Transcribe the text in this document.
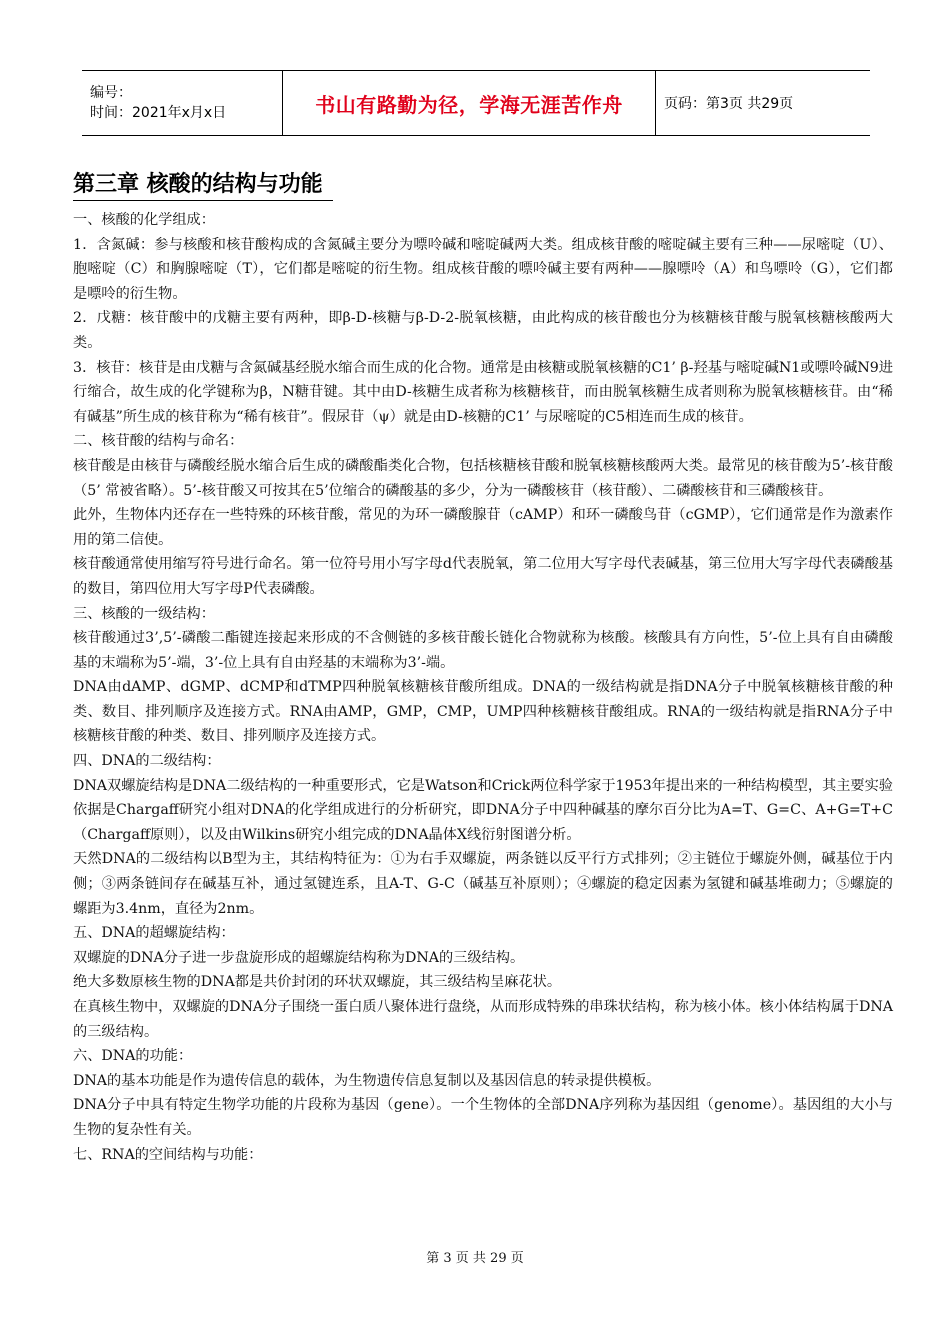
编号：
时间：2021年x月x日	书山有路勤为径，学海无涯苦作舟	页码：第3页 共29页
第三章 核酸的结构与功能

一、核酸的化学组成：

1．含氮碱：参与核酸和核苷酸构成的含氮碱主要分为嘌呤碱和嘧啶碱两大类。组成核苷酸的嘧啶碱主要有三种——尿嘧啶（U）、胞嘧啶（C）和胸腺嘧啶（T），它们都是嘧啶的衍生物。组成核苷酸的嘌呤碱主要有两种——腺嘌呤（A）和鸟嘌呤（G），它们都是嘌呤的衍生物。

2．戊糖：核苷酸中的戊糖主要有两种，即β-D-核糖与β-D-2-脱氧核糖，由此构成的核苷酸也分为核糖核苷酸与脱氧核糖核酸两大类。

3．核苷：核苷是由戊糖与含氮碱基经脱水缩合而生成的化合物。通常是由核糖或脱氧核糖的C1’ β-羟基与嘧啶碱N1或嘌呤碱N9进行缩合，故生成的化学键称为β，N糖苷键。其中由D-核糖生成者称为核糖核苷，而由脱氧核糖生成者则称为脱氧核糖核苷。由“稀有碱基”所生成的核苷称为“稀有核苷”。假尿苷（ψ）就是由D-核糖的C1’ 与尿嘧啶的C5相连而生成的核苷。

二、核苷酸的结构与命名：

核苷酸是由核苷与磷酸经脱水缩合后生成的磷酸酯类化合物，包括核糖核苷酸和脱氧核糖核酸两大类。最常见的核苷酸为5’-核苷酸（5’ 常被省略）。5’-核苷酸又可按其在5’位缩合的磷酸基的多少，分为一磷酸核苷（核苷酸）、二磷酸核苷和三磷酸核苷。

此外，生物体内还存在一些特殊的环核苷酸，常见的为环一磷酸腺苷（cAMP）和环一磷酸鸟苷（cGMP），它们通常是作为激素作用的第二信使。

核苷酸通常使用缩写符号进行命名。第一位符号用小写字母d代表脱氧，第二位用大写字母代表碱基，第三位用大写字母代表磷酸基的数目，第四位用大写字母P代表磷酸。

三、核酸的一级结构：

核苷酸通过3’,5’-磷酸二酯键连接起来形成的不含侧链的多核苷酸长链化合物就称为核酸。核酸具有方向性，5’-位上具有自由磷酸基的末端称为5’-端，3’-位上具有自由羟基的末端称为3’-端。

DNA由dAMP、dGMP、dCMP和dTMP四种脱氧核糖核苷酸所组成。DNA的一级结构就是指DNA分子中脱氧核糖核苷酸的种类、数目、排列顺序及连接方式。RNA由AMP，GMP，CMP，UMP四种核糖核苷酸组成。RNA的一级结构就是指RNA分子中核糖核苷酸的种类、数目、排列顺序及连接方式。

四、DNA的二级结构：

DNA双螺旋结构是DNA二级结构的一种重要形式，它是Watson和Crick两位科学家于1953年提出来的一种结构模型，其主要实验依据是Chargaff研究小组对DNA的化学组成进行的分析研究，即DNA分子中四种碱基的摩尔百分比为A=T、G=C、A+G=T+C（Chargaff原则），以及由Wilkins研究小组完成的DNA晶体X线衍射图谱分析。

天然DNA的二级结构以B型为主，其结构特征为：①为右手双螺旋，两条链以反平行方式排列；②主链位于螺旋外侧，碱基位于内侧；③两条链间存在碱基互补，通过氢键连系，且A-T、G-C（碱基互补原则）；④螺旋的稳定因素为氢键和碱基堆砌力；⑤螺旋的螺距为3.4nm，直径为2nm。

五、DNA的超螺旋结构：

双螺旋的DNA分子进一步盘旋形成的超螺旋结构称为DNA的三级结构。

绝大多数原核生物的DNA都是共价封闭的环状双螺旋，其三级结构呈麻花状。

在真核生物中，双螺旋的DNA分子围绕一蛋白质八聚体进行盘绕，从而形成特殊的串珠状结构，称为核小体。核小体结构属于DNA的三级结构。

六、DNA的功能：

DNA的基本功能是作为遗传信息的载体，为生物遗传信息复制以及基因信息的转录提供模板。

DNA分子中具有特定生物学功能的片段称为基因（gene）。一个生物体的全部DNA序列称为基因组（genome）。基因组的大小与生物的复杂性有关。

七、RNA的空间结构与功能：

第 3 页 共 29 页
